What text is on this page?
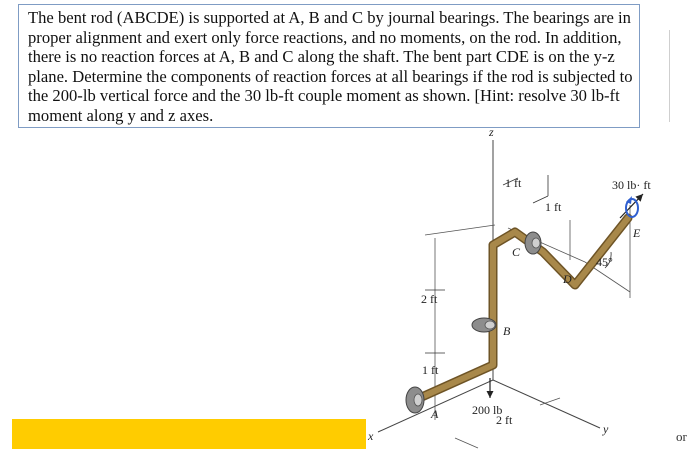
The bent rod (ABCDE) is supported at A, B and C by journal bearings. The bearings are in proper alignment and exert only force reactions, and no moments, on the rod. In addition, there is no reaction forces at A, B and C along the shaft. The bent part CDE is on the y-z plane. Determine the components of reaction forces at all bearings if the rod is subjected to the 200-lb vertical force and the 30 lb-ft couple moment as shown. [Hint: resolve 30 lb-ft moment along y and z axes.

z
x	y
1 ft
1 ft
2 ft
1 ft
2 ft
200 lb
30 lb· ft
45°
A
B
C
D
E
or
